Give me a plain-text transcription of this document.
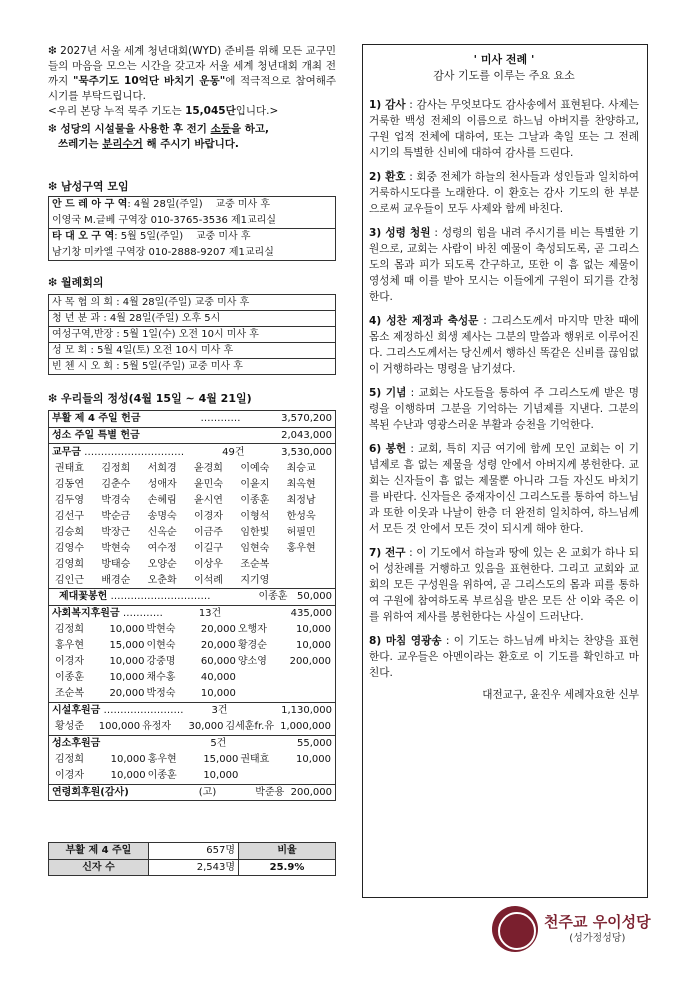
❇ 2027년 서울 세계 청년대회(WYD) 준비를 위해 모든 교구민들의 마음을 모으는 시간을 갖고자 서울 세계 청년대회 개최 전까지 "묵주기도 10억단 바치기 운동"에 적극적으로 참여해주시기를 부탁드립니다.
<우리 본당 누적 묵주 기도는 15,045단입니다.>
❇ 성당의 시설물을 사용한 후 전기 소등을 하고,
쓰레기는 분리수거 해 주시기 바랍니다.
❇ 남성구역 모임
안 드 레 아 구 역: 4월 28일(주일) 교중 미사 후
이영국 M.글베 구역장 010-3765-3536 제1교리실
타 대 오 구 역: 5월 5일(주일) 교중 미사 후
남기창 미카엘 구역장 010-2888-9207 제1교리실
❇ 월례회의
사 목 협 의 회 : 4월 28일(주일) 교중 미사 후
청 년 분 과 : 4월 28일(주일) 오후 5시
여성구역,반장 : 5월 1일(수) 오전 10시 미사 후
성 모 회 : 5월 4일(토) 오전 10시 미사 후
빈 첸 시 오 회 : 5월 5일(주일) 교중 미사 후
❇ 우리들의 정성(4월 15일 ~ 4월 21일)
부활 제 4 주일 헌금	…………	3,570,200

성소 주일 특별 헌금	2,043,000

교무금 …………………………	49건	3,530,000

권태효	김정희	서희경	윤경희	이예숙	최승교
김동연	김춘수	성애자	윤민숙	이윤지	최옥현
김두영	박경숙	손혜림	윤시연	이종훈	최정남
김선구	박순금	송명숙	이경자	이형석	한성욱
김승희	박장근	신옥순	이금주	임한빛	허필민
김영수	박현숙	여수정	이길구	임현숙	홍우현
김영희	방태승	오양순	이상우	조순복	
김인근	배경순	오춘화	이석례	지기영	

제대꽃봉헌 …………………………	이종훈 50,000

사회복지후원금 …………	13건	435,000

김정희	10,000	박현숙	20,000	오행자	10,000
홍우현	15,000	이현숙	20,000	황경순	10,000
이경자	10,000	강중명	60,000	양소영	200,000
이종훈	10,000	채수홍	40,000		
조순복	20,000	박정숙	10,000		

시설후원금 ……………………	3건	1,130,000

황성준	100,000	유정자	30,000	김세훈fr.유	1,000,000

성소후원금	5건	55,000

김정희	10,000	홍우현	15,000	권태효	10,000
이경자	10,000	이종훈	10,000		

연령회후원(감사)	(고)	박준용 200,000
부활 제 4 주일	657명	비율
신자 수	2,543명	25.9%
' 미사 전례 '
감사 기도를 이루는 주요 요소

1) 감사 : 감사는 무엇보다도 감사송에서 표현된다. 사제는 거룩한 백성 전체의 이름으로 하느님 아버지를 찬양하고, 구원 업적 전체에 대하여, 또는 그날과 축일 또는 그 전례 시기의 특별한 신비에 대하여 감사를 드린다.

2) 환호 : 회중 전체가 하늘의 천사들과 성인들과 일치하여 거룩하시도다를 노래한다. 이 환호는 감사 기도의 한 부분으로써 교우들이 모두 사제와 함께 바친다.

3) 성령 청원 : 성령의 힘을 내려 주시기를 비는 특별한 기원으로, 교회는 사람이 바친 예물이 축성되도록, 곧 그리스도의 몸과 피가 되도록 간구하고, 또한 이 흠 없는 제물이 영성체 때 이를 받아 모시는 이들에게 구원이 되기를 간청한다.

4) 성찬 제정과 축성문 : 그리스도께서 마지막 만찬 때에 몸소 제정하신 희생 제사는 그분의 말씀과 행위로 이루어진다. 그리스도께서는 당신께서 행하신 똑같은 신비를 끊임없이 거행하라는 명령을 남기셨다.

5) 기념 : 교회는 사도들을 통하여 주 그리스도께 받은 명령을 이행하며 그분을 기억하는 기념제를 지낸다. 그분의 복된 수난과 영광스러운 부활과 승천을 기억한다.

6) 봉헌 : 교회, 특히 지금 여기에 함께 모인 교회는 이 기념제로 흠 없는 제물을 성령 안에서 아버지께 봉헌한다. 교회는 신자들이 흠 없는 제물뿐 아니라 그들 자신도 바치기를 바란다. 신자들은 중재자이신 그리스도를 통하여 하느님과 또한 이웃과 나날이 한층 더 완전히 일치하여, 하느님께서 모든 것 안에서 모든 것이 되시게 해야 한다.

7) 전구 : 이 기도에서 하늘과 땅에 있는 온 교회가 하나 되어 성찬례를 거행하고 있음을 표현한다. 그리고 교회와 교회의 모든 구성원을 위하여, 곧 그리스도의 몸과 피를 통하여 구원에 참여하도록 부르심을 받은 모든 산 이와 죽은 이를 위하여 제사를 봉헌한다는 사실이 드러난다.

8) 마침 영광송 : 이 기도는 하느님께 바치는 찬양을 표현한다. 교우들은 아멘이라는 환호로 이 기도를 확인하고 마친다.

대전교구, 윤진우 세례자요한 신부
천주교 우이성당
(성가정성당)
